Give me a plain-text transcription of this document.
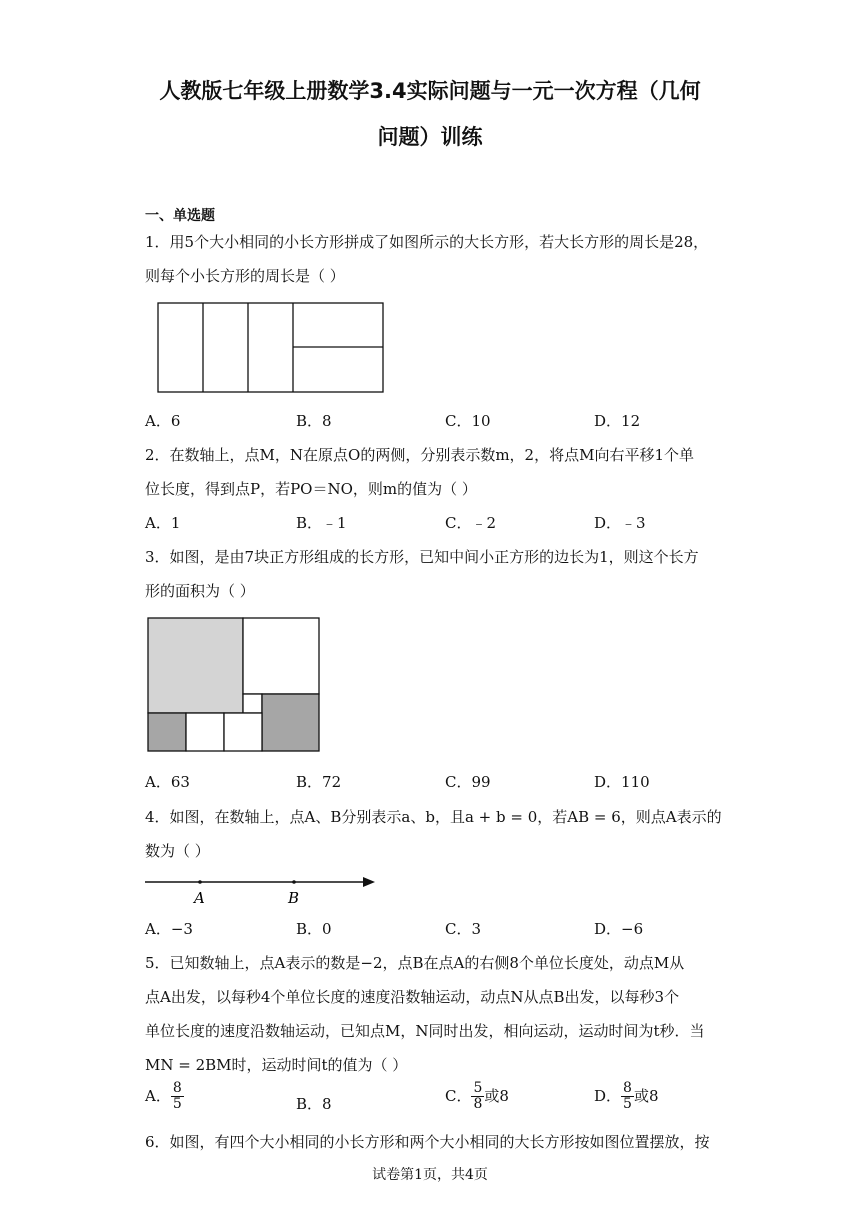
人教版七年级上册数学3.4实际问题与一元一次方程（几何
问题）训练
一、单选题
1．用5个大小相同的小长方形拼成了如图所示的大长方形，若大长方形的周长是28，
则每个小长方形的周长是（ ）
A．6	B．8	C．10	D．12
2．在数轴上，点M，N在原点O的两侧，分别表示数m，2，将点M向右平移1个单
位长度，得到点P，若PO＝NO，则m的值为（ ）
A．1	B．﹣1	C．﹣2	D．﹣3
3．如图，是由7块正方形组成的长方形，已知中间小正方形的边长为1，则这个长方
形的面积为（ ）
A．63	B．72	C．99	D．110
4．如图，在数轴上，点A、B分别表示a、b，且a + b = 0，若AB = 6，则点A表示的
数为（ ）
A	B
A．−3	B．0	C．3	D．−6
5．已知数轴上，点A表示的数是−2，点B在点A的右侧8个单位长度处，动点M从
点A出发，以每秒4个单位长度的速度沿数轴运动，动点N从点B出发，以每秒3个
单位长度的速度沿数轴运动，已知点M，N同时出发，相向运动，运动时间为t秒．当
MN = 2BM时，运动时间t的值为（ ）
A． $\frac{8}{5}$	B．8	C． $\frac{5}{8}$ 或8	D． $\frac{8}{5}$ 或8
6．如图，有四个大小相同的小长方形和两个大小相同的大长方形按如图位置摆放，按
试卷第1页，共4页
